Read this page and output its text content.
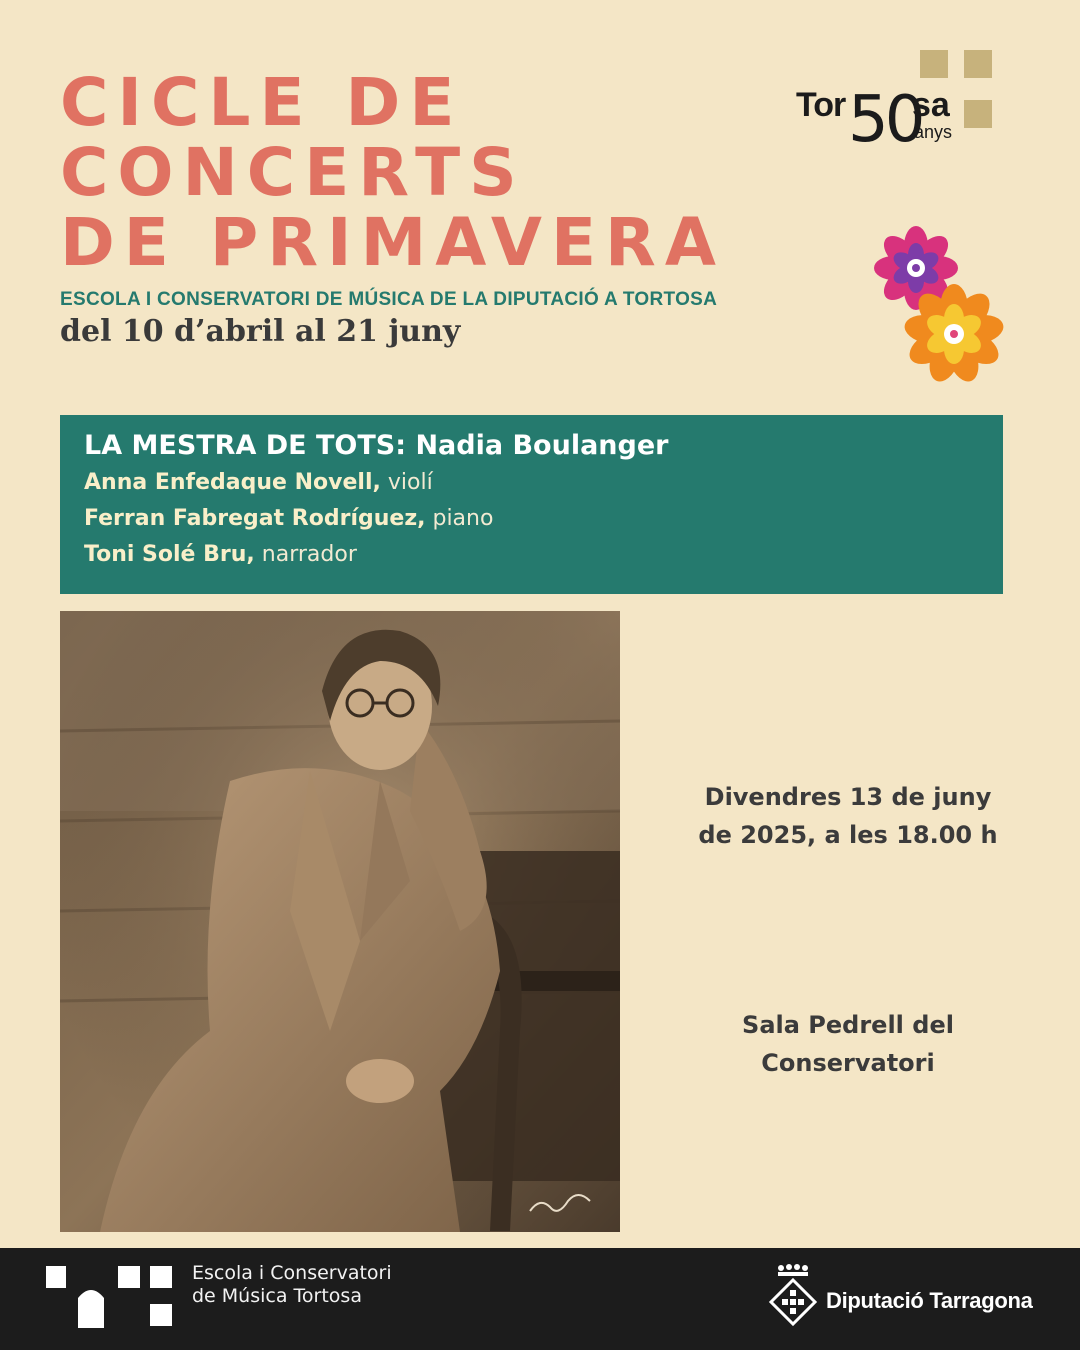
CICLE DE
CONCERTS
DE PRIMAVERA
ESCOLA I CONSERVATORI DE MÚSICA DE LA DIPUTACIÓ A TORTOSA
del 10 d’abril al 21 juny
Tor 50
sa
anys
LA MESTRA DE TOTS: Nadia Boulanger
Anna Enfedaque Novell, violí
Ferran Fabregat Rodríguez, piano
Toni Solé Bru, narrador
Divendres 13 de juny
de 2025, a les 18.00 h
Sala Pedrell del
Conservatori
Escola i Conservatori
de Música Tortosa	Diputació Tarragona
